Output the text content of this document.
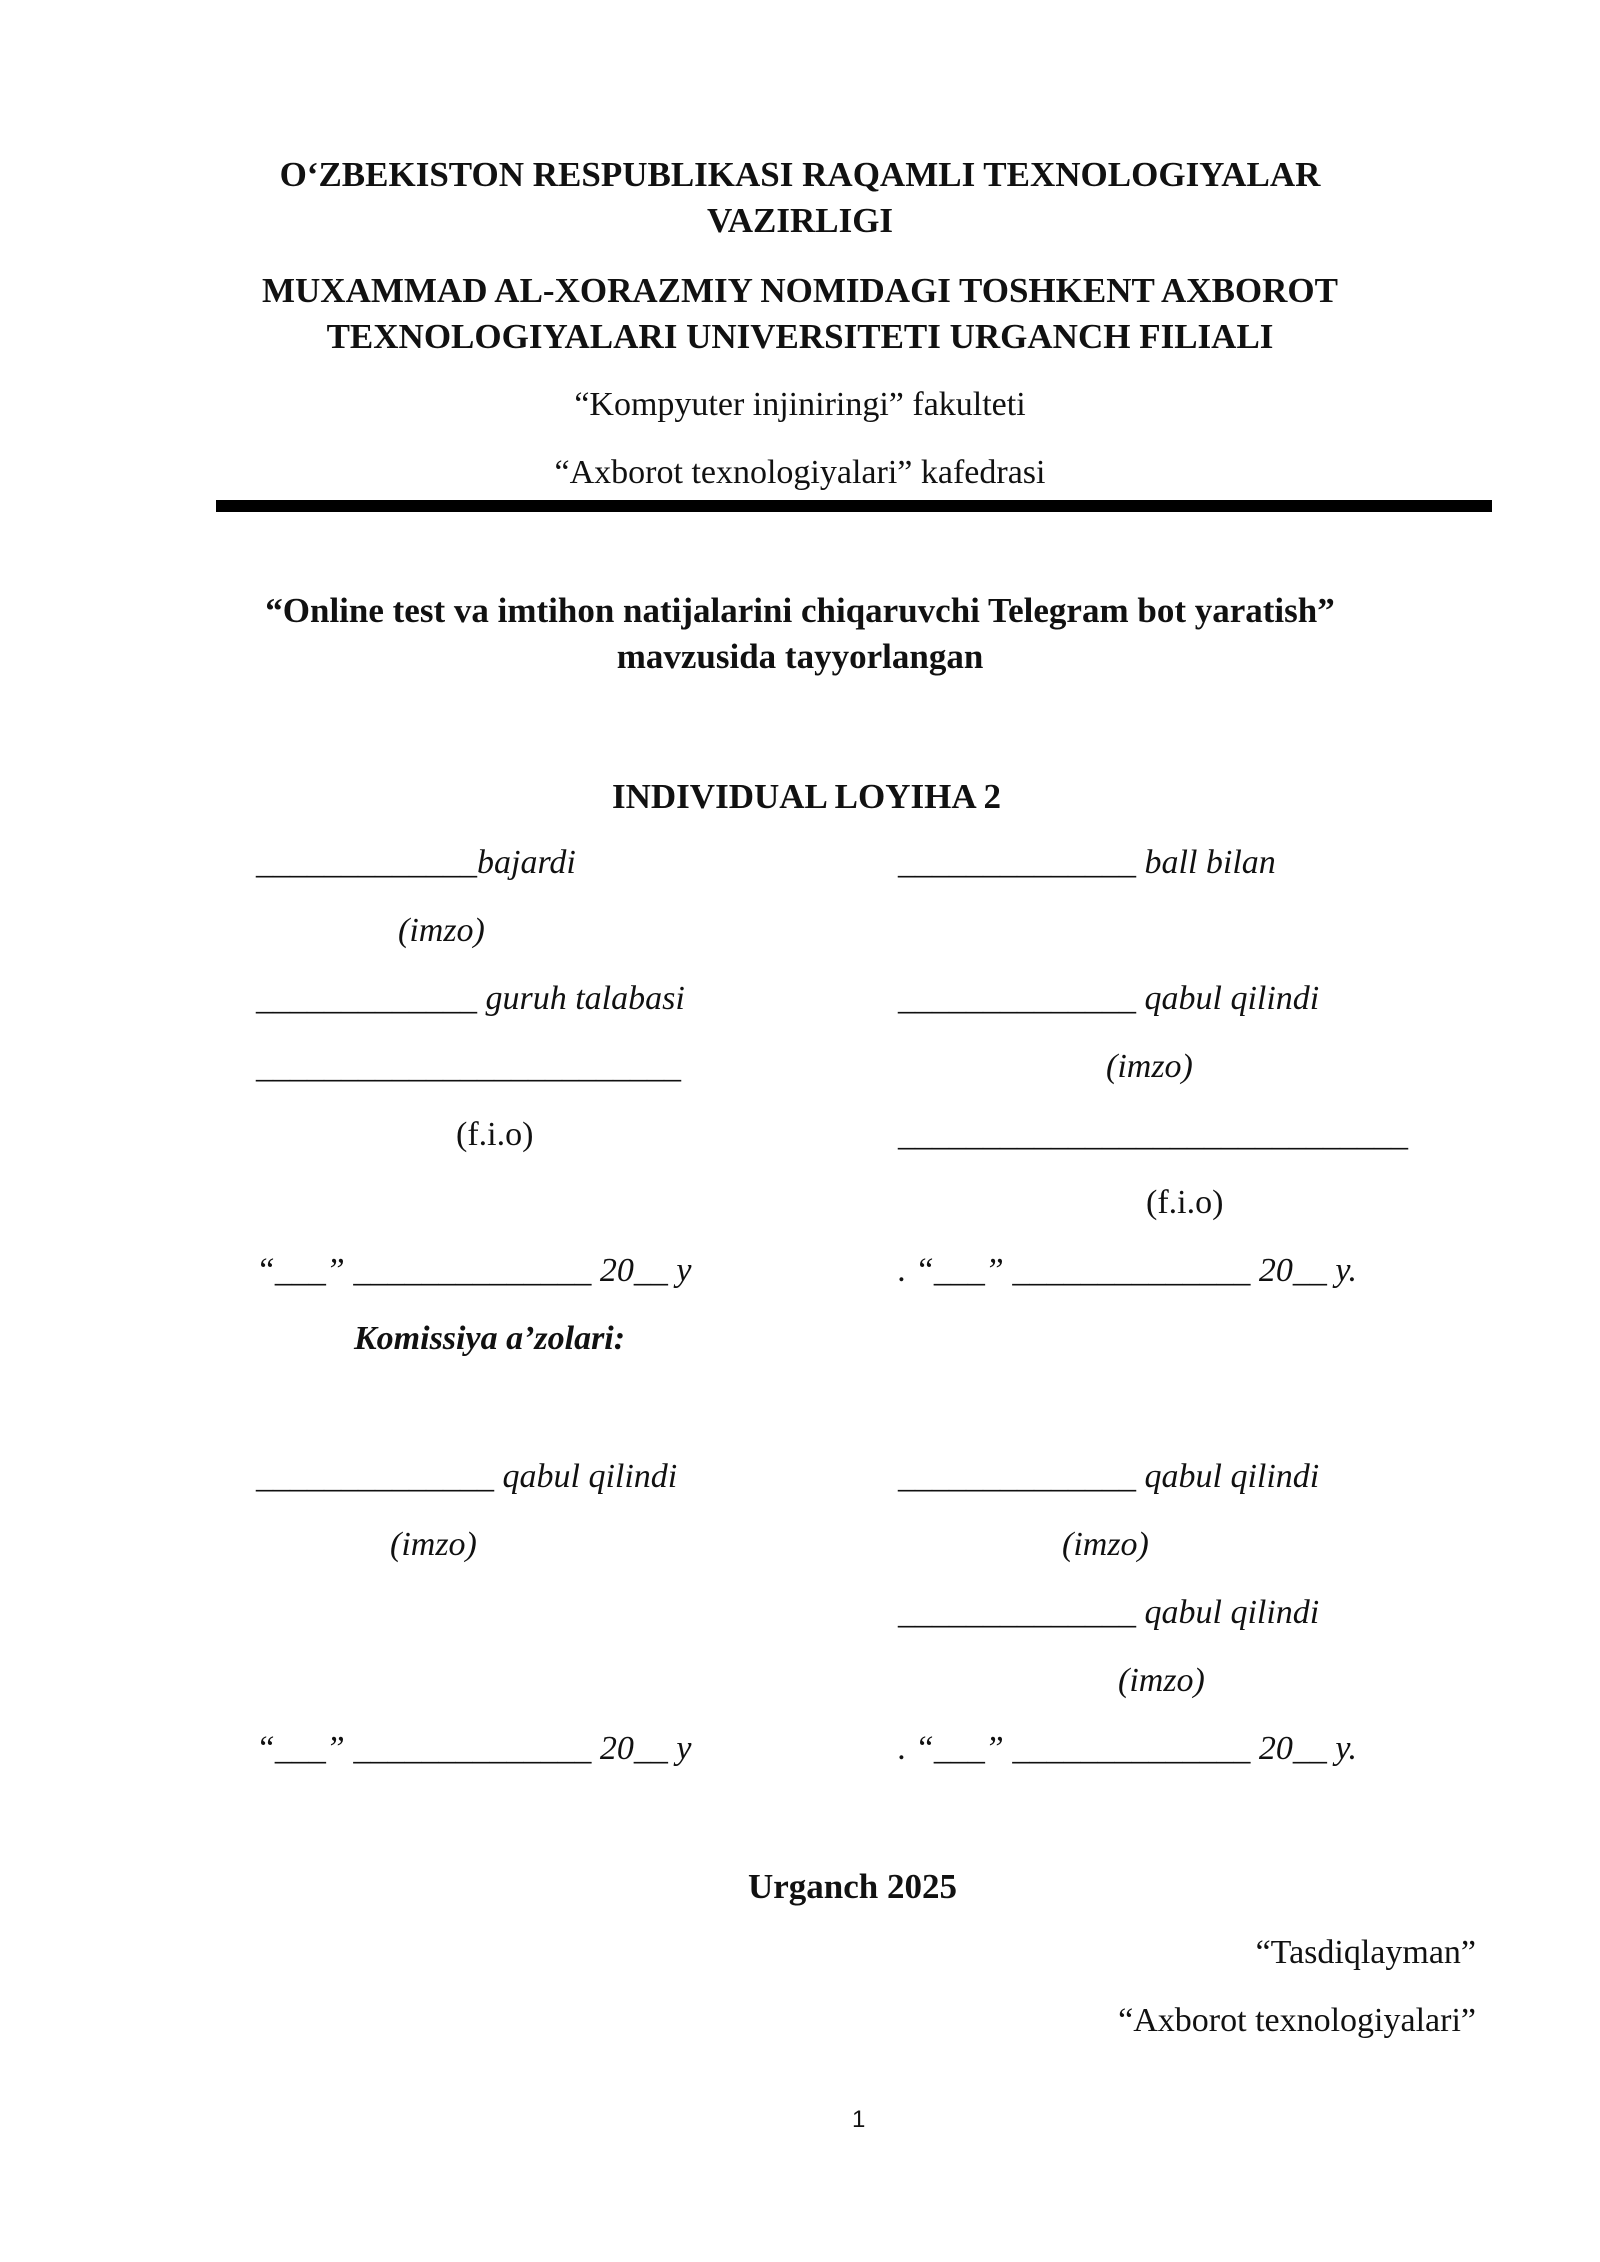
O‘ZBEKISTON RESPUBLIKASI RAQAMLI TEXNOLOGIYALAR
VAZIRLIGI
MUXAMMAD AL-XORAZMIY NOMIDAGI TOSHKENT AXBOROT
TEXNOLOGIYALARI UNIVERSITETI URGANCH FILIALI
“Kompyuter injiniringi” fakulteti
“Axborot texnologiyalari” kafedrasi
“Online test va imtihon natijalarini chiqaruvchi Telegram bot yaratish”
mavzusida tayyorlangan
INDIVIDUAL LOYIHA 2
_____________bajardi
(imzo)
_____________ guruh talabasi
_________________________
(f.i.o)
“___” ______________ 20__ y
Komissiya a’zolari:
______________ qabul qilindi
(imzo)
“___” ______________ 20__ y
______________ ball bilan
______________ qabul qilindi
(imzo)
______________________________
(f.i.o)
. “___” ______________ 20__ y.
______________ qabul qilindi
(imzo)
______________ qabul qilindi
(imzo)
. “___” ______________ 20__ y.
Urganch 2025
“Tasdiqlayman”
“Axborot texnologiyalari”
1
